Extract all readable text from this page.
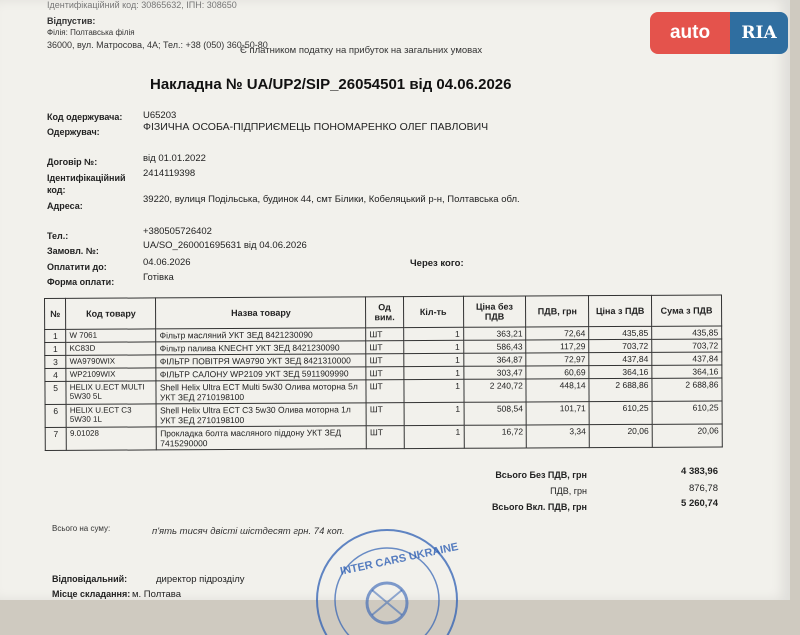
Ідентифікаційний код: 30865632, ІПН: 308650
Відпустив:
Філія: Полтавська філія
36000, вул. Матросова, 4А; Тел.: +38 (050) 360-50-80
Є платником податку на прибуток на загальних умовах
Накладна № UA/UP2/SIP_26054501 від 04.06.2026
Код одержувача: U65203
Одержувач:	ФІЗИЧНА ОСОБА-ПІДПРИЄМЕЦЬ ПОНОМАРЕНКО ОЛЕГ ПАВЛОВИЧ
Договір №:	від 01.01.2022
Ідентифікаційний
код:
2414119398
Адреса:
39220, вулиця Подільська, будинок 44, смт Білики, Кобеляцький р-н, Полтавська обл.
Тел.:	+380505726402
Замовл. №:	UA/SO_260001695631 від 04.06.2026
Оплатити до:	04.06.2026	Через кого:
Форма оплати:	Готівка
№	Код товару	Назва товару	Од вим.	Кіл-ть	Ціна без ПДВ	ПДВ, грн	Ціна з ПДВ	Сума з ПДВ
1	W 7061	Фільтр масляний УКТ ЗЕД 8421230090	ШТ	1	363,21	72,64	435,85	435,85
1	KC83D	Фільтр палива KNECHT УКТ ЗЕД 8421230090	ШТ	1	586,43	117,29	703,72	703,72
3	WA9790WIX	ФІЛЬТР ПОВІТРЯ WA9790 УКТ ЗЕД 8421310000	ШТ	1	364,87	72,97	437,84	437,84
4	WP2109WIX	ФІЛЬТР САЛОНУ WP2109 УКТ ЗЕД 5911909990	ШТ	1	303,47	60,69	364,16	364,16
5	HELIX U.ECT MULTI 5W30 5L	Shell Helix Ultra ECT Multi 5w30 Олива моторна 5л УКТ ЗЕД 2710198100	ШТ	1	2 240,72	448,14	2 688,86	2 688,86
6	HELIX U.ECT C3 5W30 1L	Shell Helix Ultra ECT C3 5w30 Олива моторна 1л УКТ ЗЕД 2710198100	ШТ	1	508,54	101,71	610,25	610,25
7	9.01028	Прокладка болта масляного піддону УКТ ЗЕД 7415290000	ШТ	1	16,72	3,34	20,06	20,06
Всього Без ПДВ, грн	4 383,96
ПДВ, грн	876,78
Всього Вкл. ПДВ, грн	5 260,74
Всього на суму:	п'ять тисяч двісті шістдесят грн. 74 коп.
Відповідальний:	директор підрозділу
Місце складання: м. Полтава
INTER CARS UKRAINE
auto	RIA
